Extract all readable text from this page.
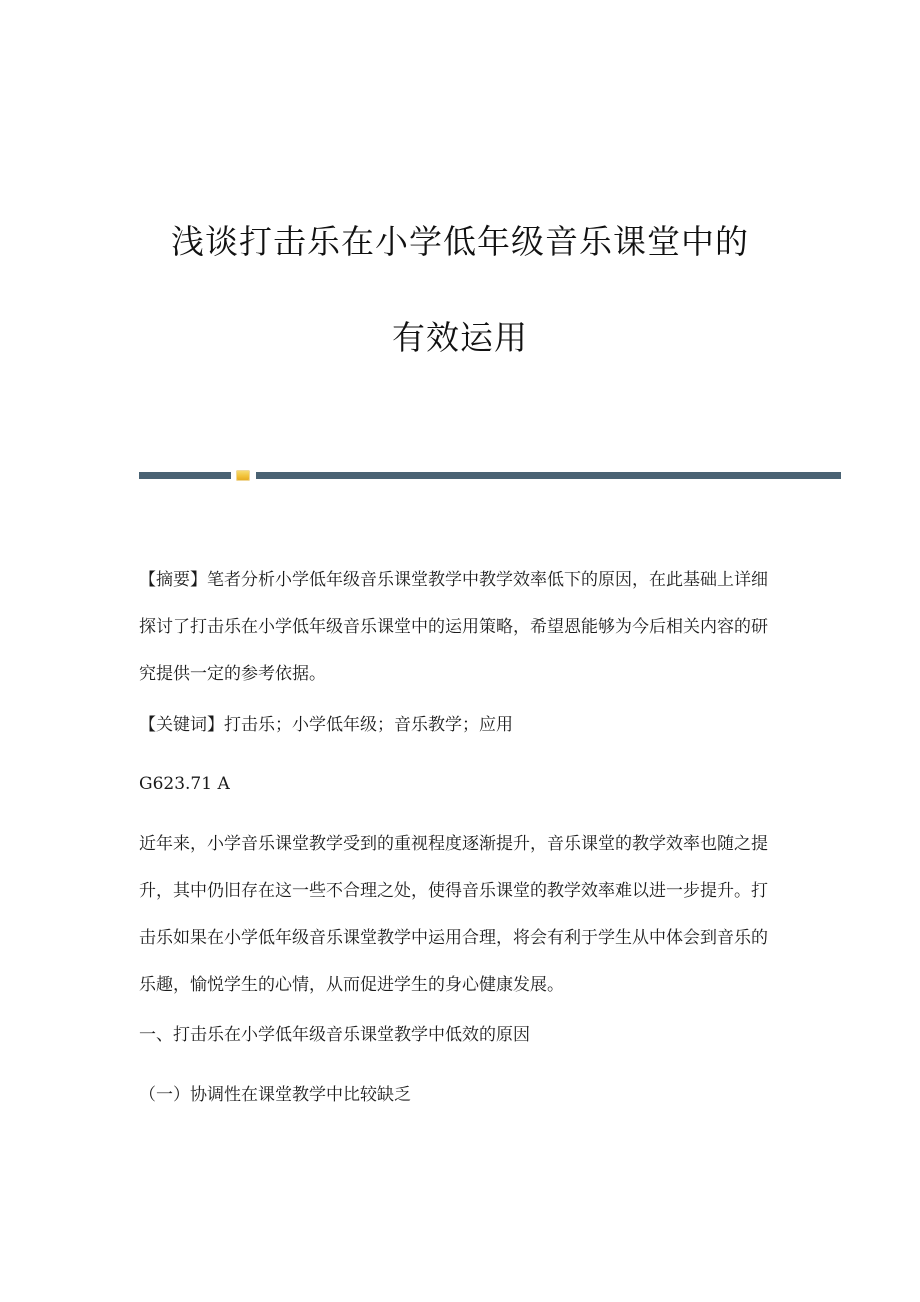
浅谈打击乐在小学低年级音乐课堂中的
有效运用

【摘要】笔者分析小学低年级音乐课堂教学中教学效率低下的原因，在此基础上详细探讨了打击乐在小学低年级音乐课堂中的运用策略，希望恩能够为今后相关内容的研究提供一定的参考依据。

【关键词】打击乐；小学低年级；音乐教学；应用

G623.71 A

近年来，小学音乐课堂教学受到的重视程度逐渐提升，音乐课堂的教学效率也随之提升，其中仍旧存在这一些不合理之处，使得音乐课堂的教学效率难以进一步提升。打击乐如果在小学低年级音乐课堂教学中运用合理，将会有利于学生从中体会到音乐的乐趣，愉悦学生的心情，从而促进学生的身心健康发展。

一、打击乐在小学低年级音乐课堂教学中低效的原因

（一）协调性在课堂教学中比较缺乏
